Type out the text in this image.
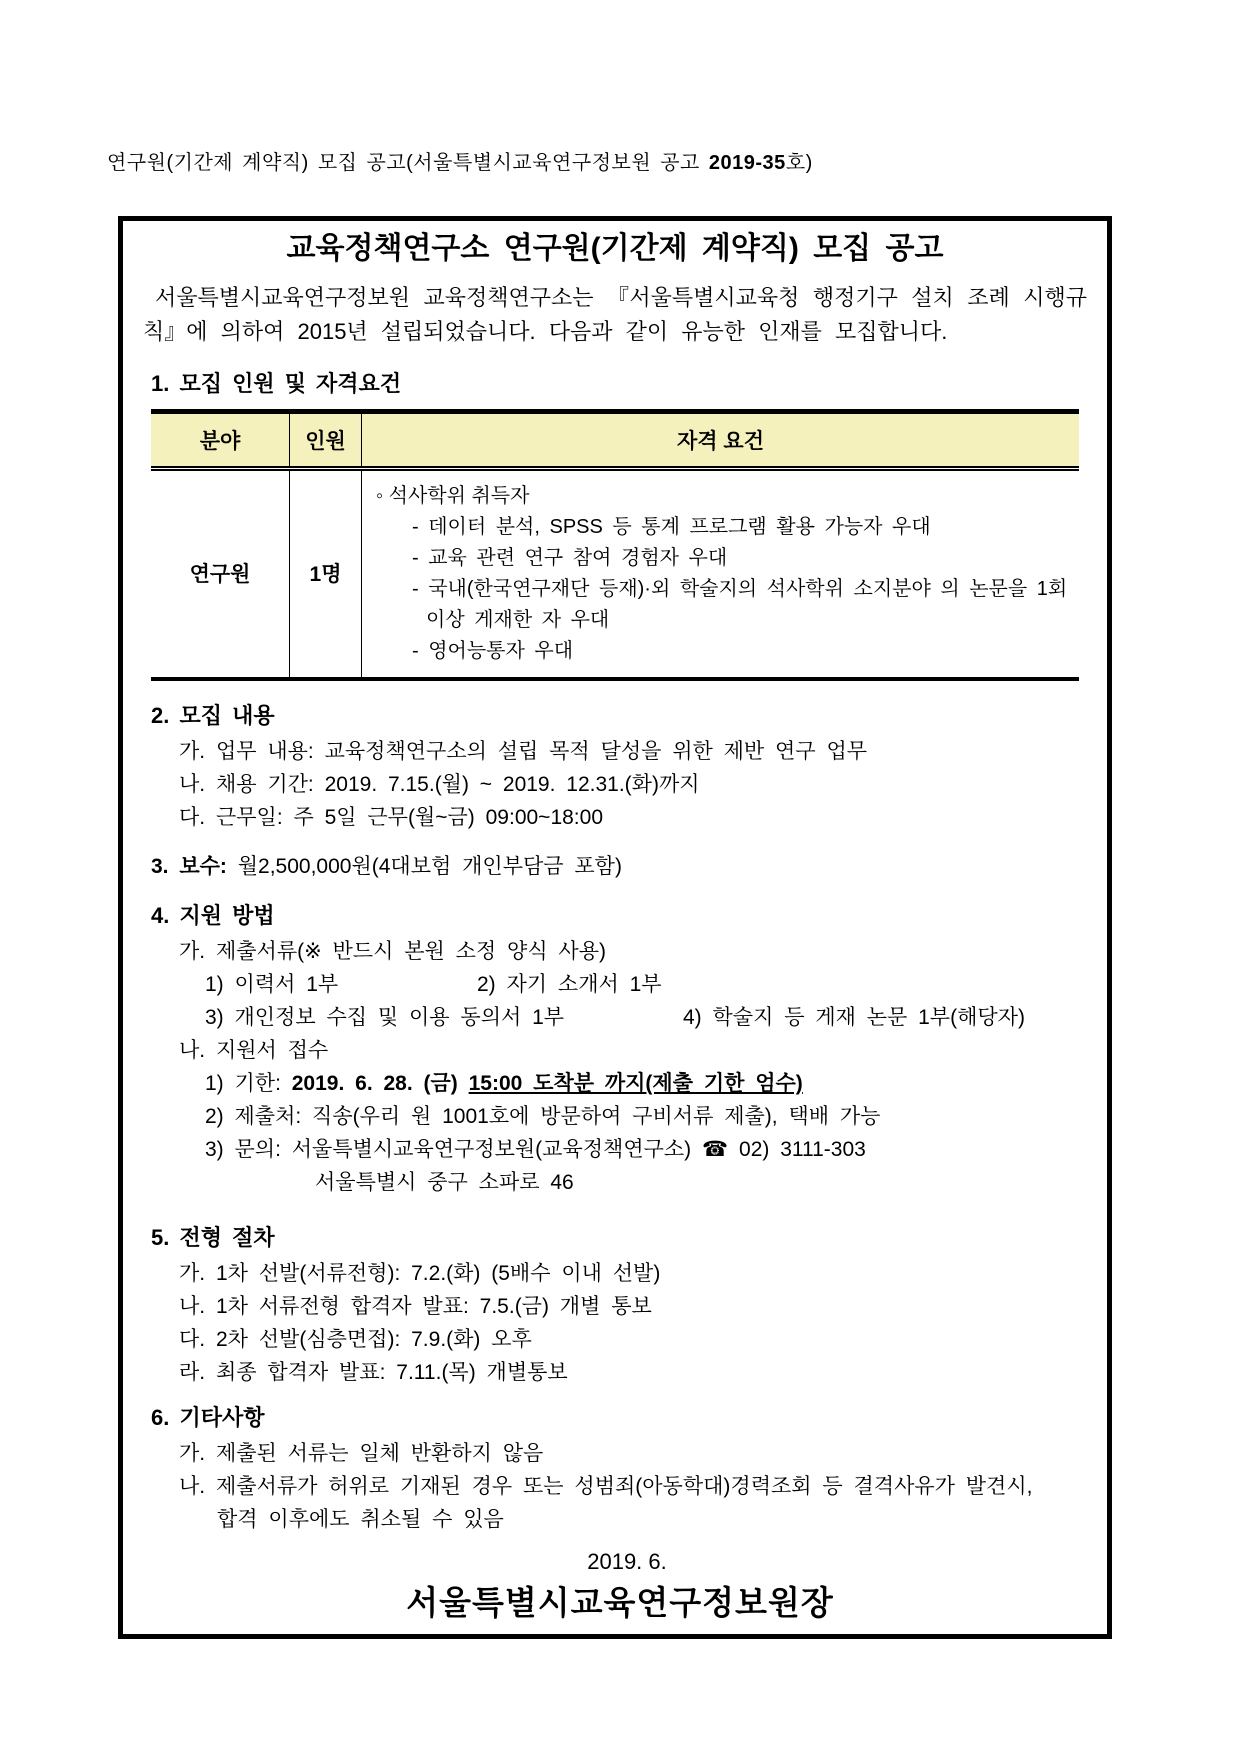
연구원(기간제 계약직) 모집 공고(서울특별시교육연구정보원 공고 2019-35호)
교육정책연구소 연구원(기간제 계약직) 모집 공고

서울특별시교육연구정보원 교육정책연구소는 『서울특별시교육청 행정기구 설치 조례 시행규칙』에 의하여 2015년 설립되었습니다. 다음과 같이 유능한 인재를 모집합니다.

1. 모집 인원 및 자격요건
분야	인원	자격 요건
연구원	1명
◦ 석사학위 취득자
- 데이터 분석, SPSS 등 통계 프로그램 활용 가능자 우대
- 교육 관련 연구 참여 경험자 우대
- 국내(한국연구재단 등재)·외 학술지의 석사학위 소지분야 의 논문을 1회 이상 게재한 자 우대
- 영어능통자 우대
2. 모집 내용
가. 업무 내용: 교육정책연구소의 설립 목적 달성을 위한 제반 연구 업무
나. 채용 기간: 2019. 7.15.(월) ~ 2019. 12.31.(화)까지
다. 근무일: 주 5일 근무(월~금) 09:00~18:00
3. 보수: 월2,500,000원(4대보험 개인부담금 포함)
4. 지원 방법
가. 제출서류(※ 반드시 본원 소정 양식 사용)
1) 이력서 1부	2) 자기 소개서 1부
3) 개인정보 수집 및 이용 동의서 1부	4) 학술지 등 게재 논문 1부(해당자)
나. 지원서 접수
1) 기한: 2019. 6. 28. (금) 15:00 도착분 까지(제출 기한 엄수)
2) 제출처: 직송(우리 원 1001호에 방문하여 구비서류 제출), 택배 가능
3) 문의: 서울특별시교육연구정보원(교육정책연구소) ☎ 02) 3111-303
서울특별시 중구 소파로 46
5. 전형 절차
가. 1차 선발(서류전형): 7.2.(화) (5배수 이내 선발)
나. 1차 서류전형 합격자 발표: 7.5.(금) 개별 통보
다. 2차 선발(심층면접): 7.9.(화) 오후
라. 최종 합격자 발표: 7.11.(목) 개별통보
6. 기타사항
가. 제출된 서류는 일체 반환하지 않음
나. 제출서류가 허위로 기재된 경우 또는 성범죄(아동학대)경력조회 등 결격사유가 발견시,
합격 이후에도 취소될 수 있음
2019. 6.
서울특별시교육연구정보원장
